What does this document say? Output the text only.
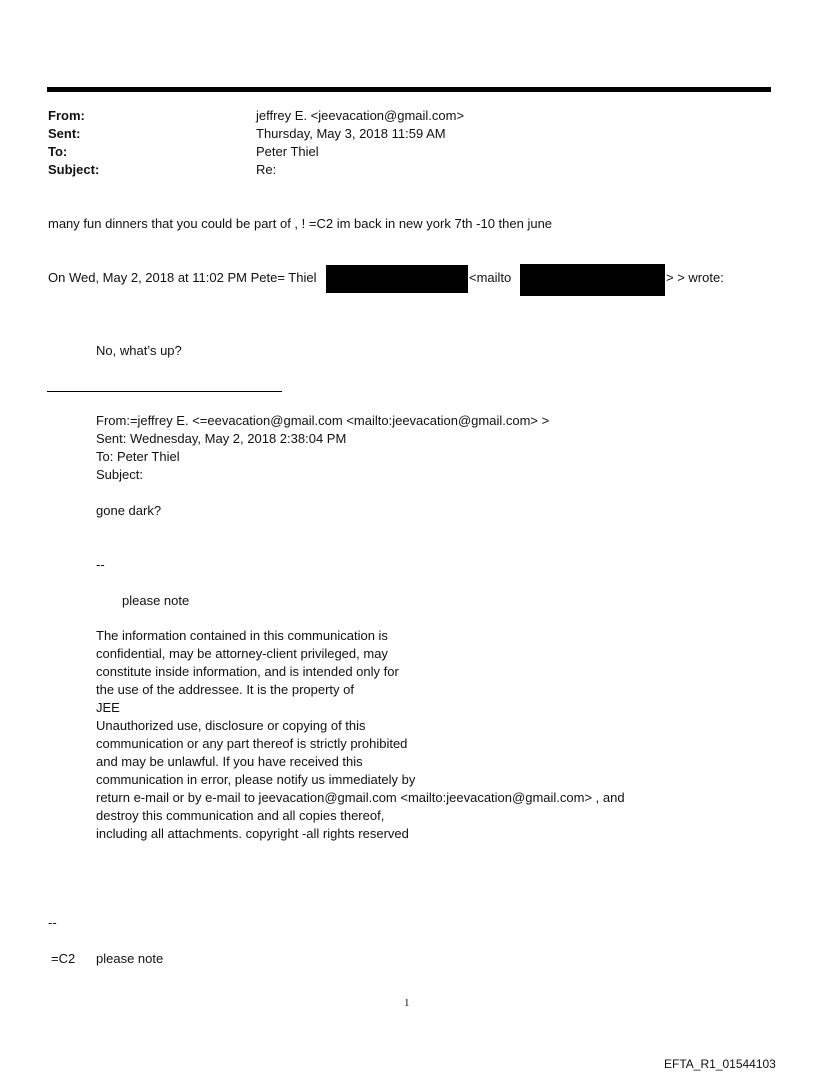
From:	jeffrey E. <jeevacation@gmail.com>
Sent:	Thursday, May 3, 2018 11:59 AM
To:	Peter Thiel
Subject:	Re:
many fun dinners that you could be part of , ! =C2 im back in new york 7th -10 then june
On Wed, May 2, 2018 at 11:02 PM Pete= Thiel	<mailto	> > wrote:
No, what’s up?
From:=jeffrey E. <=eevacation@gmail.com <mailto:jeevacation@gmail.com> >
Sent: Wednesday, May 2, 2018 2:38:04 PM
To: Peter Thiel
Subject:
gone dark?
--
please note
The information contained in this communication is
confidential, may be attorney-client privileged, may
constitute inside information, and is intended only for
the use of the addressee. It is the property of
JEE
Unauthorized use, disclosure or copying of this
communication or any part thereof is strictly prohibited
and may be unlawful. If you have received this
communication in error, please notify us immediately by
return e-mail or by e-mail to jeevacation@gmail.com <mailto:jeevacation@gmail.com> , and
destroy this communication and all copies thereof,
including all attachments. copyright -all rights reserved
--
=C2 please note
1
EFTA_R1_01544103
